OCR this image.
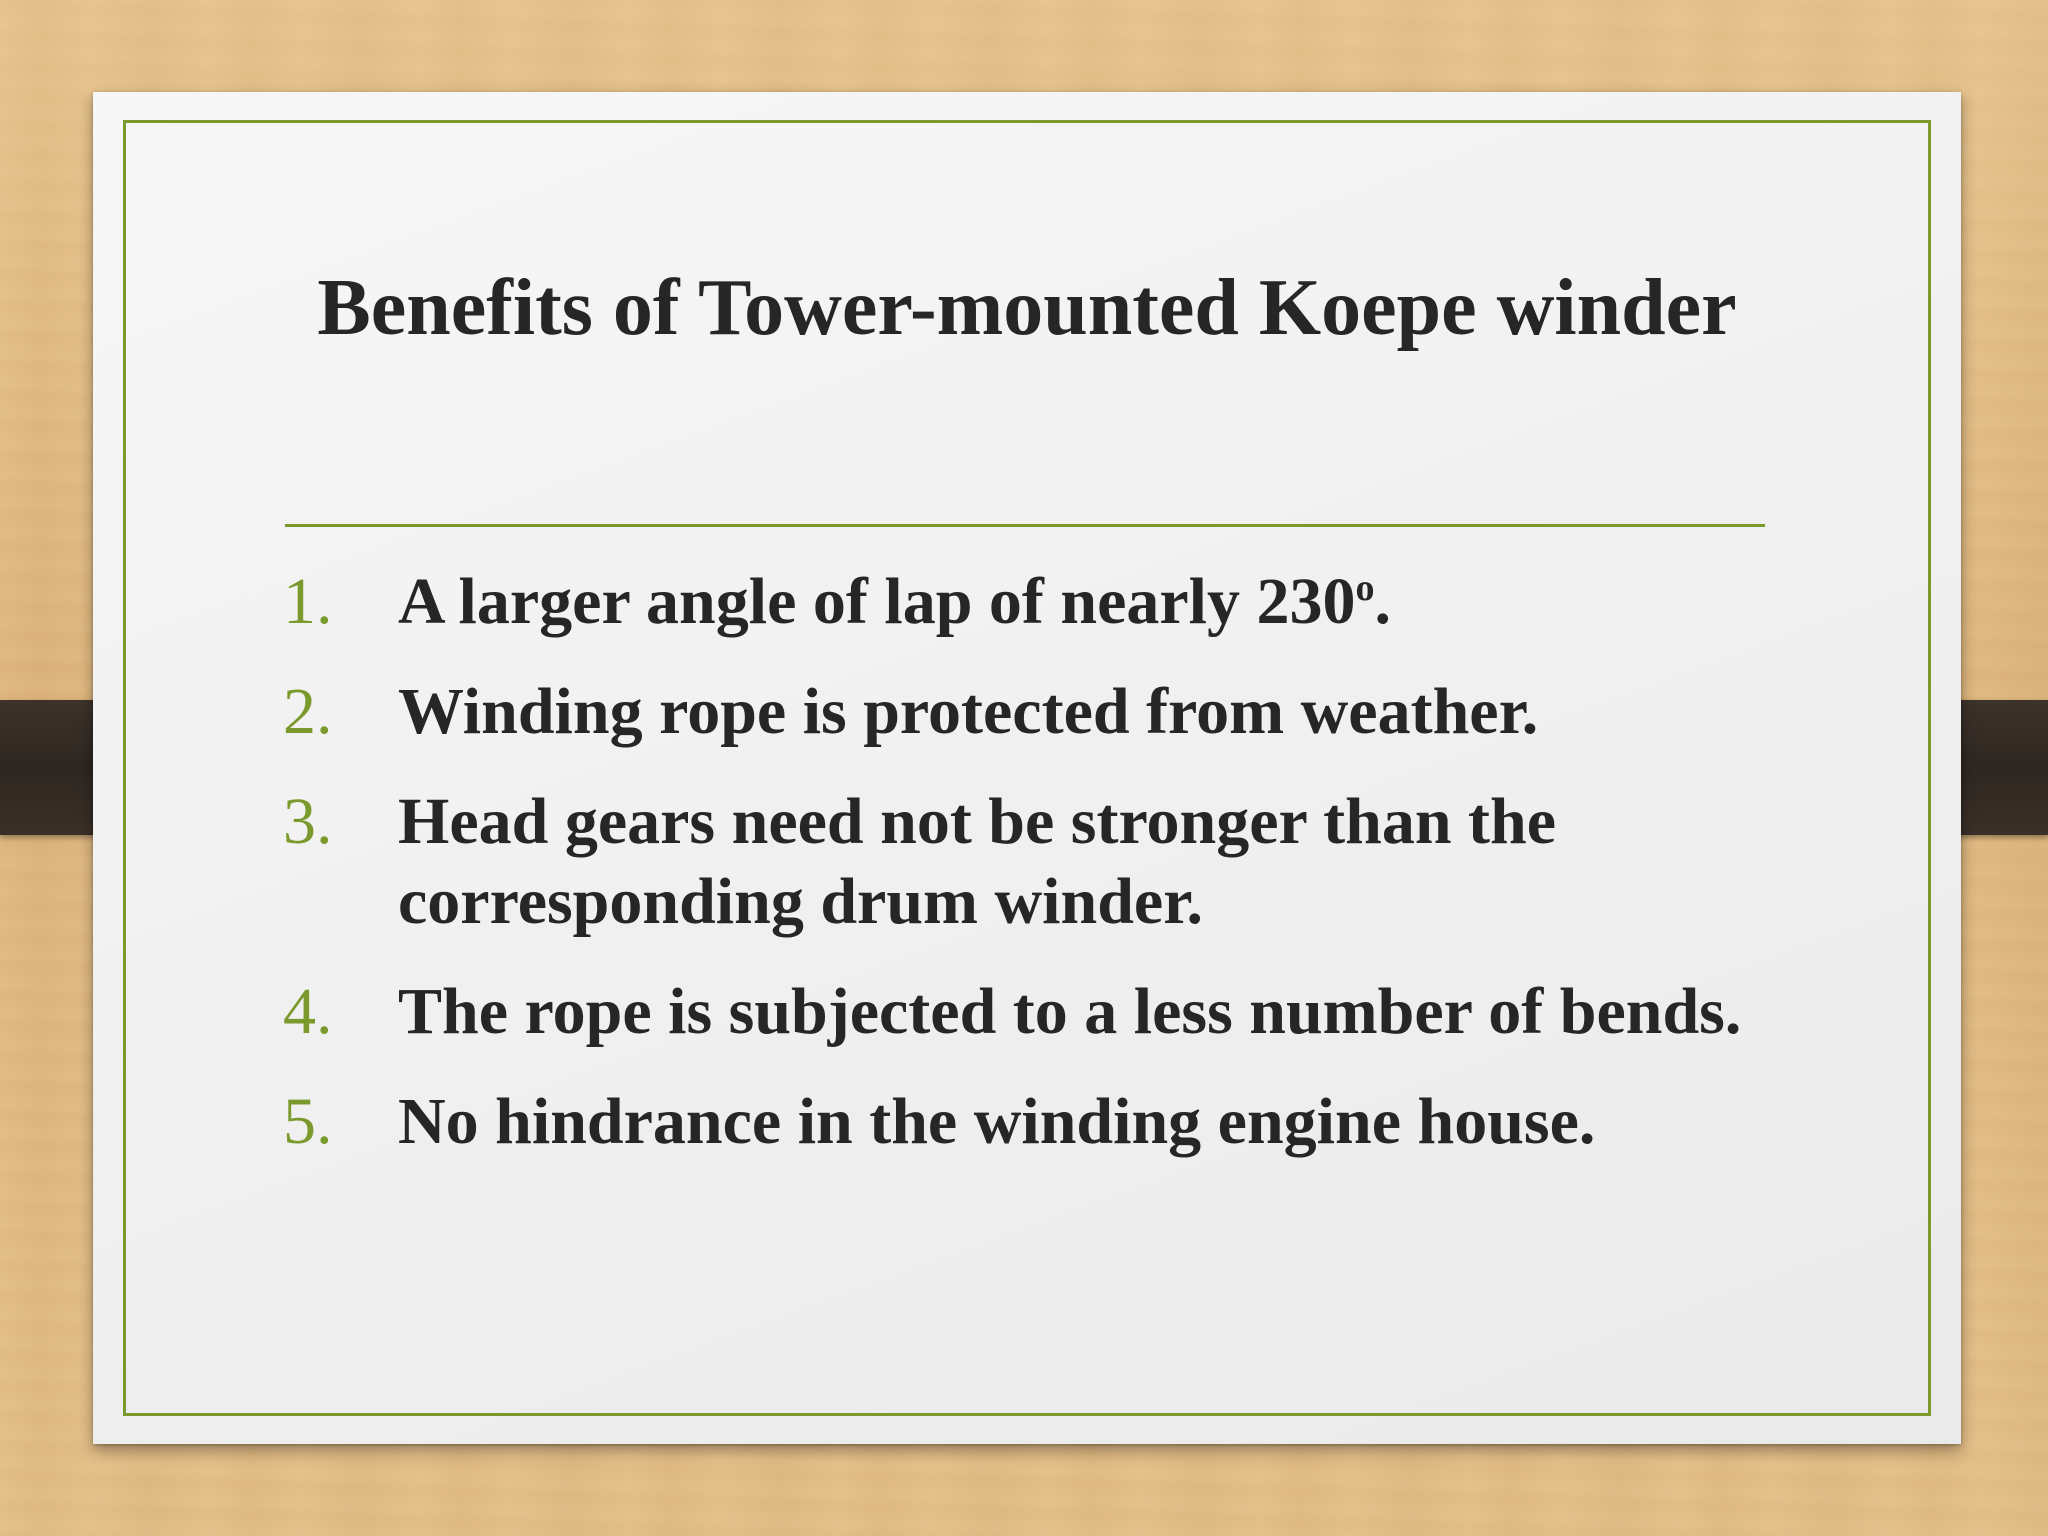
Benefits of Tower-mounted Koepe winder
1. A larger angle of lap of nearly 230$^o$.
2. Winding rope is protected from weather.
3. Head gears need not be stronger than the corresponding drum winder.
4. The rope is subjected to a less number of bends.
5. No hindrance in the winding engine house.
